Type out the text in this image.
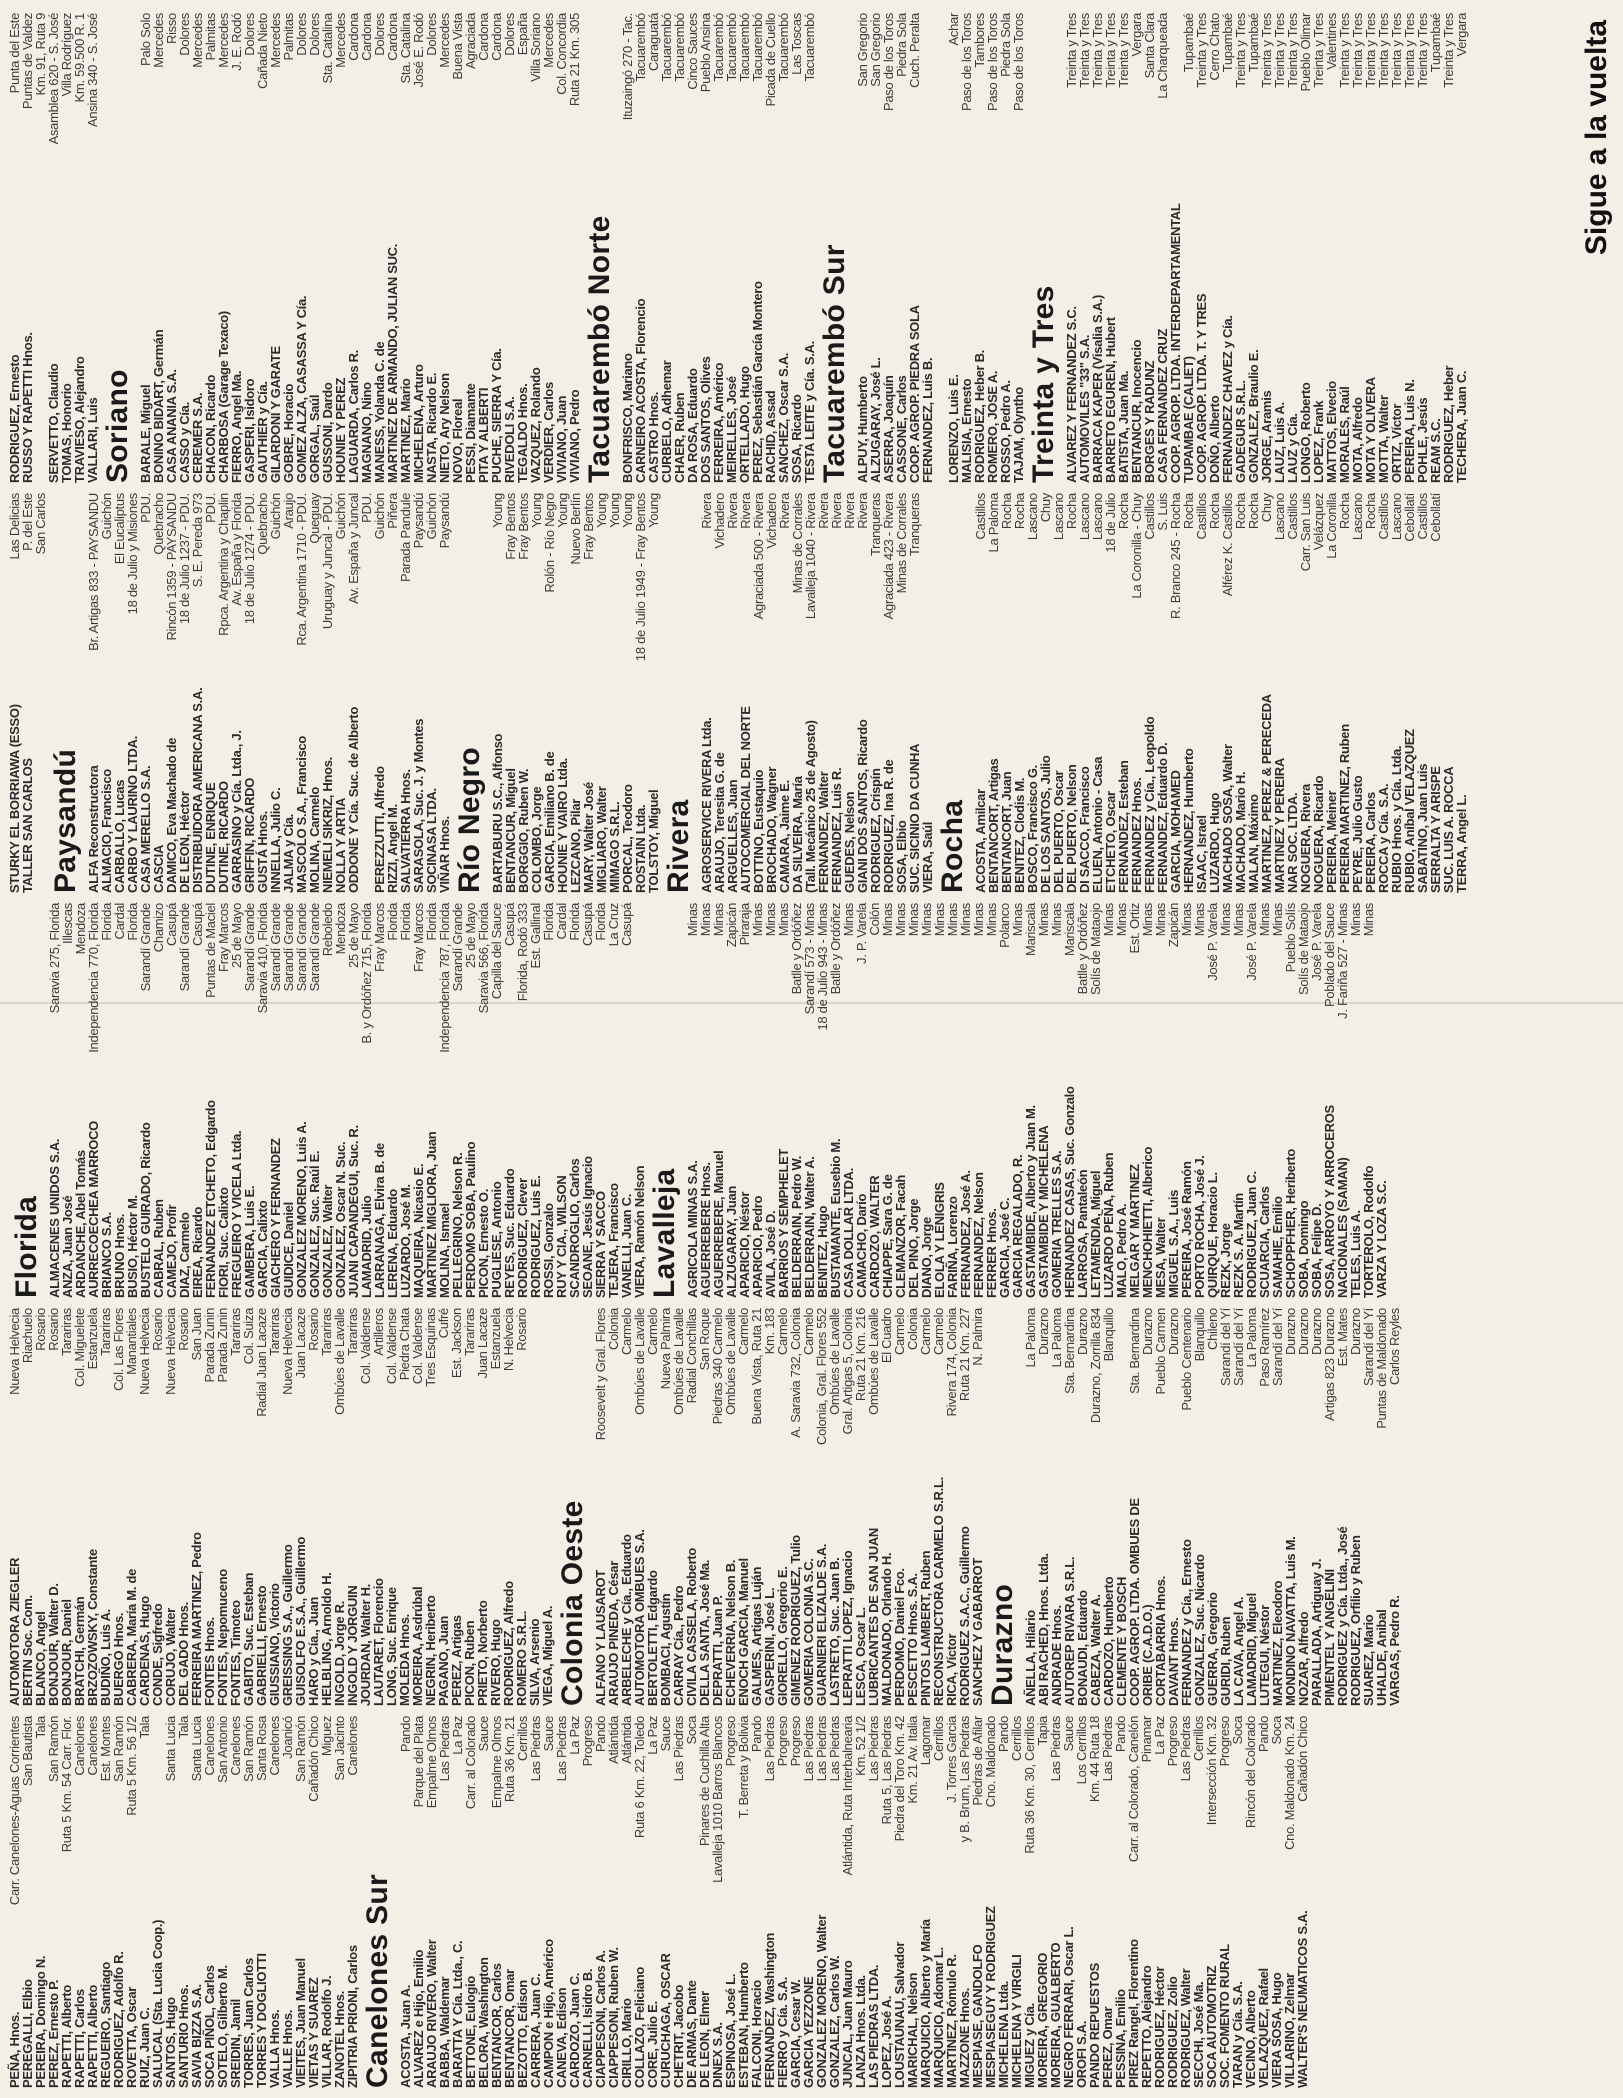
PEÑA, Hnos.
Carr. Canelones-Aguas Corrientes
PEREGALLI, Elbio
San Bautista
PEREIRA, Domingo N.
Tala
PEREZ, Ernesto P.
San Ramón
RAPETTI, Alberto
Ruta 5 Km. 54 Carr. Flor.
RAPETTI, Carlos
Canelones
RAPETTI, Alberto
Canelones
REGUEIRO, Santiago
Est. Montes
RODRIGUEZ, Adolfo R.
San Ramón
ROVETTA, Oscar
Ruta 5 Km. 56 1/2
RUIZ, Juan C.
Tala
SALUCAL (Sta. Lucia Coop.)
SANTOS, Hugo
Santa Lucia
SANTURIO Hnos.
Tala
SAVIA BIZZA S.A.
Santa Lucia
SOCA PIÑOL, Carlos
Canelones
SOTELO, Gilberto M.
San Antonio
SREIDIN, Jamil
Canelones
TORRES, Juan Carlos
San Ramón
TORRES Y DOGLIOTTI
Santa Rosa
VALLA Hnos.
Canelones
VALLE Hnos.
Joanicó
VIEITES, Juan Manuel
San Ramón
VIETAS Y SUAREZ
Cañadón Chico
VILLAR, Rodolfo J.
Miguez
ZANOTEL Hnos.
San Jacinto
ZIPITRIA PRIONI, Carlos
Canelones
Canelones Sur ACOSTA, Juan A.
Pando
ALVAREZ e Hijo, Emilio
Parque del Plata
ARAUJO RIVERO, Walter
Empalme Olmos
BABBA, Waldemar
Las Piedras
BARATTA Y Cía. Ltda., C.
La Paz
BETTONE, Eulogio
Carr. al Colorado
BELORA, Washington
Sauce
BENTANCOR, Carlos
Empalme Olmos
BENTANCOR, Omar
Ruta 36 Km. 21
BEZOTTO, Edison
Cerrillos
CARRERA, Juan C.
Las Piedras
CAMPON e Hijo, Américo
Sauce
CANEVA, Edison
Las Piedras
CARDOZO, Juan C.
La Paz
CARNELLI, Isidro B.
Progreso
CIAPPESONI, Carlos A.
Pando
CIAPPESONI, Ruben W.
Atlántida
CIRILLO, Mario
Atlántida
COLLAZO, Feliciano
Ruta 6 Km. 22, Toledo
CORE, Julio E.
La Paz
CURUCHAGA, OSCAR
Sauce
CHETRIT, Jacobo
Las Piedras
DE ARMAS, Dante
Soca
DE LEON, Elmer
Pinares de Cuchilla Alta
DINEX S.A.
Lavalleja 1010 Barros Blancos
ESPINOSA, José L.
Progreso
ESTEBAN, Humberto
T. Berreta y Bolivia
FALCONI, Horacio
Pando
FERNANDEZ, Washington
Las Piedras
FIERRO y Cía. S.A.
Progreso
GARCIA, Cesar W.
Progreso
GARCIA YEZZONE
Las Piedras
GONZALEZ MORENO, Walter
Las Piedras
GONZALEZ, Carlos W.
Las Piedras
JUNCAL, Juan Mauro
Atlántida, Ruta Interbalnearia
LANZA Hnos. Ltda.
Km. 52 1/2
LAS PIEDRAS LTDA.
Las Piedras
LOPEZ, José A.
Ruta 5, Las Piedras
LOUSTAUNAU, Salvador
Piedra del Toro Km. 42
MARICHAL, Nelson
Km. 21 Av. Italia
MARQUICIO, Alberto y María
Lagomar
MARQUICIO, Adomar L.
Cerrillos
MARTINEZ, Rómulo R.
J. Torres Garcia
MAZZONE Hnos.
y B. Brum, Las Piedras
MESPIASE, GANDOLFO
Piedras de Afilar
MESPIASEGUY Y RODRIGUEZ
Cno. Maldonado
MICHELENA Ltda.
Pando
MICHELENA Y VIRGILI
Cerrillos
MIGUEZ y Cía.
Ruta 36 Km. 30, Cerrillos
MOREIRA, GREGORIO
Tapia
MOREIRA, GUALBERTO
Las Piedras
NEGRO FERRARI, Oscar L.
Sauce
OROFI S.A.
Los Cerrillos
PANDO REPUESTOS
Km. 44 Ruta 18
PEREZ, Omar
Las Piedras
PESSINA, Emilio
Pando
PIREZ Rangel, Florentino
Carr. al Colorado, Canelón
REPETTO, Alejandro
Pinamar
RODRIGUEZ, Héctor
La Paz
RODRIGUEZ, Zolio
Progreso
RODRIGUEZ, Walter
Las Piedras
SECCHI, José Ma.
Cerrillos
SOCA AUTOMOTRIZ
Intersección Km. 32
SOC. FOMENTO RURAL
Progreso
TARAN y Cía. S.A.
Soca
VECINO, Alberto
Rincón del Colorado
VELAZQUEZ, Rafael
Pando
VIERA SOSA, Hugo
Soca
VILLARINO, Zelmar
Cno. Maldonado Km. 24
WALTER'S NEUMATICOS S.A.
Cañadón Chico
AUTOMOTORA ZIEGLER
Nueva Helvecia
BERTIN Soc. Com.
Riachuelo
BLANCO, Angel
Rosario
BONJOUR, Walter D.
Rosario
BONJOUR, Daniel
Tarariras
BRATCHI, Germán
Col. Miguelete
BRZOZOWSKY, Constante
Estanzuela
BUDIÑO, Luis A.
Tarariras
BUERGO Hnos.
Col. Las Flores
CABRERA, María M. de
Manantiales
CARDENAS, Hugo
Nueva Helvecia
CONDE, Sigfredo
Rosario
CORUJO, Walter
Nueva Helvecia
DEL GADO Hnos.
Rosario
FERREIRA MARTINEZ, Pedro
San Juan
FONTES Hnos.
Parada Zunin
FONTES, Nepomuceno
Parada Zunin
FONTES, Timoteo
Tarariras
GABITO, Suc. Esteban
Col. Suiza
GABRIELLI, Ernesto
Radial Juan Lacaze
GIUSSIANO, Victorio
Tarariras
GREISSING S.A., Guillermo
Nueva Helvecia
GUISOLFO E.S.A., Guillermo
Juan Lacaze
HARO y Cía., Juan
Rosario
HELBLING, Arnoldo H.
Tarariras
INGOLD, Jorge R.
Ombúes de Lavalle
INGOLD Y JORGUIN
Tarariras
JOURDAN, Walter H.
Col. Valdense
LAUTARET, Florencio
Artilleros
LONG, Suc. Enrique
Col. Valdense
MOLEDA Hnos.
Piedra Chata
MOREIRA, Asdrúbal
Col. Valdense
NEGRIN, Heriberto
Tres Esquinas
PAGANO, Juan
Cufré
PEREZ, Artigas
Est. Jackson
PICON, Ruben
Tarariras
PRIETO, Norberto
Juan Lacaze
RIVERO, Hugo
Estanzuela
RODRIGUEZ, Alfredo
N. Helvecia
ROMERO S.R.L.
Rosario
SILVA, Arsenio
VIEGA, Miguel A. Colonia Oeste ALFANO Y LAUSAROT
Roosevelt y Gral. Flores
ARAUJO PINEDA, César
Colonia
ARBELECHE y Cía., Eduardo
Carmelo
AUTOMOTORA OMBUES S.A.
Ombúes de Lavalle
BERTOLETTI, Edgardo
Carmelo
BOMBACI, Agustín
Nueva Palmira
CARRAY Cía., Pedro
Ombúes de Lavalle
CIVILA CASSELA, Roberto
Radial Conchillas
DELLA SANTA, José Ma.
San Roque
DEPRATTI, Juan P.
Piedras 340 Carmelo
ECHEVERRIA, Nelson B.
Ombúes de Lavalle
ENOCH GARCIA, Manuel
Carmelo
GALMES, Artigas Luján
Buena Vista, Ruta 21
GASPERINI, José L.
Km. 183
GIORELLO, Gregorio E.
Carmelo
GIMENEZ RODRIGUEZ, Tulio
A. Saravia 732, Colonia
GOMERIA COLONIA S.C.
Carmelo
GUARNIERI ELIZALDE S.A.
Colonia, Gral. Flores 552
LASTRETO, Suc. Juan B.
Ombúes de Lavalle
LEPRATTI LOPEZ, Ignacio
Gral. Artigas 5, Colonia
LESCA, Oscar L.
Ruta 21 Km. 216
LUBRICANTES DE SAN JUAN
Ombúes de Lavalle
MALDONADO, Orlando H.
El Cuadro
PERDOMO, Daniel Fco.
Carmelo
PESCETTO Hnos. S.A.
Colonia
PINTOS LAMBERT, Ruben
Carmelo
RECONSTRUCTORA CARMELO S.R.L.
Carmelo
RICA, Víctor
Rivera 174, Colonia
RODRIGUEZ S.A.C., Guillermo
Ruta 21 Km. 227
SANCHEZ Y GABARROT
N. Palmira
Durazno AÑELLA, Hilario
La Paloma
ABI RACHED, Hnos. Ltda.
Durazno
ANDRADE Hnos.
La Paloma
AUTOREP RIVARA S.R.L.
Sta. Bernardina
BONAUDI, Eduardo
Durazno
CABEZA, Walter A.
Durazno, Zorrilla 834
CARDOZO, Humberto
Blanquillo
CLEMENTE Y BOSCH
COOP. AGROP. LTDA. OMBUES DE
Sta. Bernardina
ORIBE (C.A.D.O.)
Durazno
CORTABARRIA Hnos.
Pueblo Carmen
DAVANT Hnos.
Durazno
FERNANDEZ y Cía., Ernesto
Pueblo Centenario
GONZALEZ, Suc. Nicardo
Blanquillo
GUERRA, Gregorio
Chileno
GURIDI, Ruben
Sarandí del Yí
LA CAVA, Angel A.
Sarandí del Yí
LAMADRID, Miguel
La Paloma
LUTEGUI, Néstor
Paso Ramírez
MARTINEZ, Eleodoro
Sarandí del Yí
MONDINO NAVATTA, Luis M.
Durazno
NOZAR, Alfredo
Durazno
PARALLADA, Artiguay J.
Durazno
PIMENTEL Y ANGELINI
Artigas 823 Durazno
RODRIGUEZ y Cía. Ltda., José
Est. Mates
RODRIGUEZ, Orfilio y Ruben
Durazno
SUAREZ, Mario
Sarandí del Yí
UHALDE, Anibal
Puntas de Maldonado
VARGAS, Pedro R.
Carlos Reyles
Florida ALMACENES UNIDOS S.A.
Saravia 275, Florida
ANZA, Juan José
Illescas
ARDANCHE, Abel Tomás
Mendoza
AURRECOECHEA MARROCO
Independencia 770, Florida
BRIANCO S.A.
Florida
BRUNO Hnos.
Cardal
BUSIO, Héctor M.
Florida
BUSTELO GUIRADO, Ricardo
Sarandí Grande
CABRAL, Ruben
Chamizo
CAMEJO, Profir
Casupá
DIAZ, Carmelo
Sarandí Grande
EIREA, Ricardo
Casupá
FERNANDEZ ETCHETO, Edgardo
Puntas de Maciel
FIORI, Suc. Calixto
Fray Marcos
FREGUEIRO Y VICELA Ltda.
25 de Mayo
GAMBERA, Luis E.
Sarandí Grande
GARCIA, Calixto
Saravia 410, Florida
GIACHERO Y FERNANDEZ
Sarandí Grande
GUIDICE, Daniel
Sarandí Grande
GONZALEZ MORENO, Luis A.
Sarandí Grande
GONZALEZ, Suc. Raúl E.
Sarandí Grande
GONZALEZ, Walter
Reboledo
GONZALEZ, Oscar N. Suc.
Mendoza
JUANI CAPANDEGUI, Suc. R.
25 de Mayo
LAMADRID, Julio
B. y Ordóñez 715, Florida
LARRANAGA, Elvira B. de
Fray Marcos
LERENA, Eduardo
Florida
LUZARDO, José M.
Florida
MAQUEIRA, Nicasio E.
Fray Marcos
MARTINEZ MIGLIORA, Juan
Florida
MOLINA, Ismael
Independencia 787, Florida
PELLEGRINO, Nelson R.
Sarandí Grande
PERDOMO SOBA, Paulino
25 de Mayo
PICON, Ernesto O.
Saravia 566, Florida
PUGLIESE, Antonio
Capilla del Sauce
REYES, Suc. Eduardo
Casupá
RODRIGUEZ, Clever
Florida, Rodó 333
RODRIGUEZ, Luis E.
Est. Gallinal
ROSSI, Gonzalo
Florida
RUY Y CIA., WILSON
Cardal
SCANDROGLIO, Carlos
Florida
SEOANE, Jesús Ignacio
Casupá
SIERRA Y SACCO
Florida
TEJERA, Francisco
La Cruz
VANELLI, Juan C.
Casupá
VIERA, Ramón Nelson Lavalleja AGRICOLA MINAS S.A.
Minas
AGUERREBERE Hnos.
Minas
AGUERREBERE, Manuel
Minas
ALZUGARAY, Juan
Zapicán
APARICIO, Néstor
Piraraja
APARICIO, Pedro
Minas
AVILA, José D.
Minas
BARRIOS Y SEMPHELET
Minas
BELDERRAIN, Pedro W.
Batlle y Ordóñez
BELDERRAIN, Walter A.
Sarandí 573 - Minas
BENITEZ, Hugo
18 de Julio 943 - Minas
BUSTAMANTE, Eusebio M.
Batlle y Ordóñez
CASA DOLLAR LTDA.
Minas
CAMACHO, Darío
J. P. Varela
CARDOZO, WALTER
Colón
CHIAPPE, Sara G. de
Minas
CLEMANZOR, Facah
Minas
DEL PINO, Jorge
Minas
DIANO, Jorge
Minas
ELOLA Y LENIGRIS
Minas
FARIÑA, Lorenzo
Minas
FERNANDEZ, José A.
Minas
FERNANDEZ, Nelson
Minas
FERRER Hnos.
Minas
GARCIA, José C.
Polanco
GARCIA REGALADO, R.
Minas
GASTAMBIDE, Alberto y Juan M.
Mariscala
GASTAMBIDE Y MICHELENA
Minas
GOMERIA TRELLES S.A.
Minas
HERNANDEZ CASAS, Suc. Gonzalo
Mariscala
LARROSA, Pantaleón
Batlle y Ordóñez
LETAMENDIA, Miguel
Solís de Mataojo
LUZARDO PEÑA, Ruben
Minas
MALO, Pedro A.
Minas
MELGAR Y MARTINEZ
Est. Ortiz
MENCHOHIETTI, Alberico
Minas
MESA, Walter
Minas
MIGUEL S.A., Luis
Zapicán
PEREIRA, José Ramón
Minas
PORTO ROCHA, José J.
Minas
QUIRQUE, Horacio L.
José P. Varela
REZK, Jorge
Minas
REZK S. A. Martín
Minas
RODRIGUEZ, Juan C.
José P. Varela
SCUARCIA, Carlos
Minas
SAMAHIE, Emilio
Minas
SCHOPPFHER, Heriberto
Pueblo Solís
SOBA, Domingo
Solís de Mataojo
SOBA, Felipe D.
José P. Varela
SOSA, ARROYO Y ARROCEROS
Poblado del Sauce
NACIONALES (SAMAN)
J. Fariña 527 - Minas
TELES, Luis A.
Minas
TORTEROLO, Rodolfo
Minas
VARZA Y LOZA S.C.
STURKY EL BORRIAWA (ESSO)
Las Delicias
TALLER SAN CARLOS
P. del Este
San Carlos
Paysandú ALFA Reconstructora
Br. Artigas 833 - PAYSANDU
ALMACIO, Francisco
Guichón
CARBALLO, Lucas
El Eucaliptus
CARBO Y LAURINO LTDA.
18 de Julio y Misiones
CASA MERELLO S.A.
PDU.
CASCIA
Quebracho
DAMICO, Eva Machado de
Rincón 1359 - PAYSANDU
DE LEON, Héctor
18 de Julio 1237 - PDU.
DISTRIBUIDORA AMERICANA S.A.
S. E. Pereda 973
DUTINE, ENRIQUE
PDU.
DUTINE, RICARDO
Rpca. Argentina y Chaplin
GARRASINO y Cía. Ltda., J.
Av. España y Florida
GRIFFIN, RICARDO
18 de Julio 1274 - PDU.
GUSTÁ Hnos.
Quebracho
INNELLA, Julio C.
Guichón
JALMA y Cía.
Araujo
MASCOLO S.A., Francisco
Rca. Argentina 1710 - PDU.
MOLINA, Carmelo
Queguay
NIEMELI SIKRIZ, Hnos.
Uruguay y Juncal - PDU.
NOLLA Y ARTIA
Guichón
ODDONE Y Cía. Suc. de Alberto
Av. España y Juncal
PDU.
PEREZZUTTI, Alfredo
Guichón
RIZZI, Angel M.
Piñera
SALVATIERRA Hnos.
Parada Pandule
SARASOLA, Suc. J. y Montes
Paysandú
SOCINASA LTDA.
Guichón
VIÑAR Hnos.
Paysandú
Río Negro BARTABURU S.C., Alfonso
Young
BENTANCUR, Miguel
Fray Bentos
BORGGIO, Ruben W.
Fray Bentos
COLOMBO, Jorge
Young
GARCIA, Emiliano B. de
Rolón - Río Negro
HOUNIE Y VAIRO Ltda.
Young
LEZCANO, Pilar
Nuevo Berlín
MARY, Walter José
Fray Bentos
MIGLIARO, Walter
Young
MIMAGO S.R.L.
Young
PORCAL, Teodoro
Young
ROSTAIN Ltda.
18 de Julio 1949 - Fray Bentos
TOLSTOY, Miguel
Young
Rivera AGROSERVICE RIVERA Ltda.
Rivera
ARAUJO, Teresita G. de
Vichadero
ARGUELLES, Juan
Rivera
AUTOCOMERCIAL DEL NORTE
Rivera
BOTTINO, Eustaquio
Agraciada 500 - Rivera
BROCHADO, Wagner
Vichadero
CAMARA, Jaime E.
Rivera
DA SILVEIRA, María
Minas de Corrales
(Tall. Mecánico 25 de Agosto)
Lavalleja 1040 - Rivera
FERNANDEZ, Walter
Rivera
FERNANDEZ, Luis R.
Rivera
GUEDES, Nelson
Rivera
GIANI DOS SANTOS, Ricardo
Rivera
RODRIGUEZ, Crispín
Tranqueras
RODRIGUEZ, Ina R. de
Agraciada 423 - Rivera
SOSA, Elbio
Minas de Corrales
SUC. SICINIO DA CUNHA
Tranqueras
VIERA, Saúl Rocha ACOSTA, Amilcar
Castillos
BENTANCORT, Artigas
La Paloma
BENTANCORT, Juan
Rocha
BENITEZ, Clodis M.
Rocha
BOSCO, Francisco G.
Lascano
DE LOS SANTOS, Julio
Chuy
DEL PUERTO, Oscar
Lascano
DEL PUERTO, Nelson
Rocha
DI SACCO, Francisco
Lascano
ELUEN, Antonio - Casa
Lascano
ETCHETO, Oscar
18 de Julio
FERNANDEZ, Esteban
Rocha
FERNANDEZ Hnos.
La Coronilla - Chuy
FERNANDEZ y Cía., Leopoldo
Castillos
FERNANDEZ, Eduardo D.
S. Luis
GARCIA, MOHAMED
R. Branco 245 - Rocha
HERNANDEZ, Humberto
Rocha
ISAAC, Israel
Castillos
LUZARDO, Hugo
Rocha
MACHADO SOSA, Walter
Alférez K. Castillos
MACHADO, Mario H.
Rocha
MALAN, Máximo
Rocha
MARTINEZ, PEREZ & PERECEDA
Chuy
MARTINEZ Y PEREIRA
Lascano
NAR SOC. LTDA.
Castillos
NOGUERA, Rivera
Carr. San Luis
NOGUERA, Ricardo
Velázquez
PEREIRA, Meiner
La Coronilla
PEREIRA MARTINEZ, Ruben
Rocha
PEYRE, Julio Gusto
Lascano
PEREIRA, Carlos
Rocha
ROCCA y Cía. S.A.
Castillos
RUBIO Hnos. y Cía. Ltda.
Lascano
RUBIO, Aníbal VELAZQUEZ
Cebollatí
SABATINO, Juan Luis
Castillos
SERRALTA Y ARISPE
Cebollatí
SUC. LUIS A. ROCCA
TERRA, Angel L.
RODRIGUEZ, Ernesto
Punta del Este
RUSSO Y RAPETTI Hnos.
Puntas de Valdez
Km. 91, Ruta 9
SERVETTO, Claudio
Asamblea 620 - S. José
TOMAS, Honorio
Villa Rodríguez
TRAVIESO, Alejandro
Km. 59.500 R. 1
VALLARI, Luis
Ansina 340 - S. José
Soriano BARALE, Miguel
Palo Solo
BONINO BIDART, Germán
Mercedes
CASA ANANIA S.A.
Risso
CASSO y Cía.
Dolores
CEREMER S.A.
Mercedes
CHACON, Ricardo
Palmitas
CHARBOSA (Garage Texaco)
Mercedes
FIERRO, Angel Ma.
J. E. Rodó
GASPERI, Isidoro
Dolores
GAUTHIER y Cía.
Cañada Nieto
GILARDONI Y GARATE
Mercedes
GOBRE, Horacio
Palmitas
GOMEZ ALZA, CASASSA Y Cía.
Dolores
GORGAL, Saúl
Dolores
GUSSONI, Dardo
Sta. Catalina
HOUNIE Y PEREZ
Mercedes
LAGUARDA, Carlos R.
Cardona
MAGNANO, Nino
Cardona
MANESS, Yolanda C. de
Dolores
MARTINEZ DE ARMANDO, JULIAN SUC.
Cardona
MARTINEZ, Mario
Sta. Catalina
MICHELENA, Arturo
José E. Rodó
NASTA, Ricardo E.
Dolores
NIETO, Ary Nelson
Mercedes
NOVO, Floreal
Buena Vista
PESSI, Diamante
Agraciada
PITA Y ALBERTI
Cardona
PUCHE, SIERRA Y Cía.
Cardona
RIVEDOLI S.A.
Dolores
TEGALDO Hnos.
España
VAZQUEZ, Rolando
Villa Soriano
VERDIER, Carlos
Mercedes
VIVIANO, Juan
Col. Concordia
VIVIANO, Pedro
Ruta 21 Km. 305
Tacuarembó Norte BONFRISCO, Mariano
Ituzaingó 270 - Tac.
CARNEIRO ACOSTA, Florencio
Tacuarembó
CASTRO Hnos.
Caraguatá
CURBELO, Adhemar
Tacuarembó
CHAER, Ruben
Tacuarembó
DA ROSA, Eduardo
Cinco Sauces
DOS SANTOS, Olives
Pueblo Ansina
FERREIRA, Américo
Tacuarembó
MEIRELLES, José
Tacuarembó
ORTELLADO, Hugo
Tacuarembó
PEREZ, Sebastián García Montero
Tacuarembó
RACHID, Assad
Picada de Cuello
SANCHEZ, Oscar S.A.
Tacuarembó
SOSA, Ricardo
Las Toscas
TESTA LEITE y Cía. S.A.
Tacuarembó
Tacuarembó Sur ALPUY, Humberto
San Gregorio
ALZUGARAY, José L.
San Gregorio
ASERRA, Joaquín
Paso de los Toros
CASSONE, Carlos
Piedra Sola
COOP. AGROP. PIEDRA SOLA
Cuch. Peralta
FERNANDEZ, Luis B. LORENZO, Luis E.
Achar
MALISIA, Ernesto
Paso de los Toros
RODRIGUEZ, Heber B.
Tambores
ROMERO, JOSE A.
Paso de los Toros
ROSSO, Pedro A.
Piedra Sola
TAJAM, Olyntho
Paso de los Toros
Treinta y Tres ALVAREZ Y FERNANDEZ S.C.
Treinta y Tres
AUTOMOVILES "33" S.A.
Treinta y Tres
BARRACA KAPER (Visalia S.A.)
Treinta y Tres
BARRETO EGUREN, Hubert
Treinta y Tres
BATISTA, Juan Ma.
Treinta y Tres
BENTANCUR, Inocencio
Vergara
BORGES Y RADUNZ
Santa Clara
CASA FERNANDEZ CRUZ
La Charqueada
COOP. AGROP. LTDA. INTERDEPARTAMENTAL
TUPAMBAE (CALIET)
Tupambaé
COOP. AGROP. LTDA. T. Y TRES
Treinta y Tres
DOÑO, Alberto
Cerro Chato
FERNANDEZ CHAVEZ y Cía.
Tupambaé
GADEGUR S.R.L.
Treinta y Tres
GONZALEZ, Braulio E.
Tupambaé
JORGE, Aramis
Treinta y Tres
LAUZ, Luis A.
Treinta y Tres
LAUZ y Cía.
Treinta y Tres
LONGO, Roberto
Pueblo Olimar
LOPEZ, Frank
Treinta y Tres
MATTOS, Elvecio
Valentines
MORALES, Raúl
Treinta y Tres
MOTA, Alfredo
Treinta y Tres
MOTA Y OLIVERA
Treinta y Tres
MOTTA, Walter
Treinta y Tres
ORTIZ, Víctor
Treinta y Tres
PEREIRA, Luis N.
Treinta y Tres
POHLE, Jesús
Treinta y Tres
REAM S.C.
Tupambaé
RODRIGUEZ, Heber
Treinta y Tres
TECHERA, Juan C.
Vergara	Sigue a la vuelta
